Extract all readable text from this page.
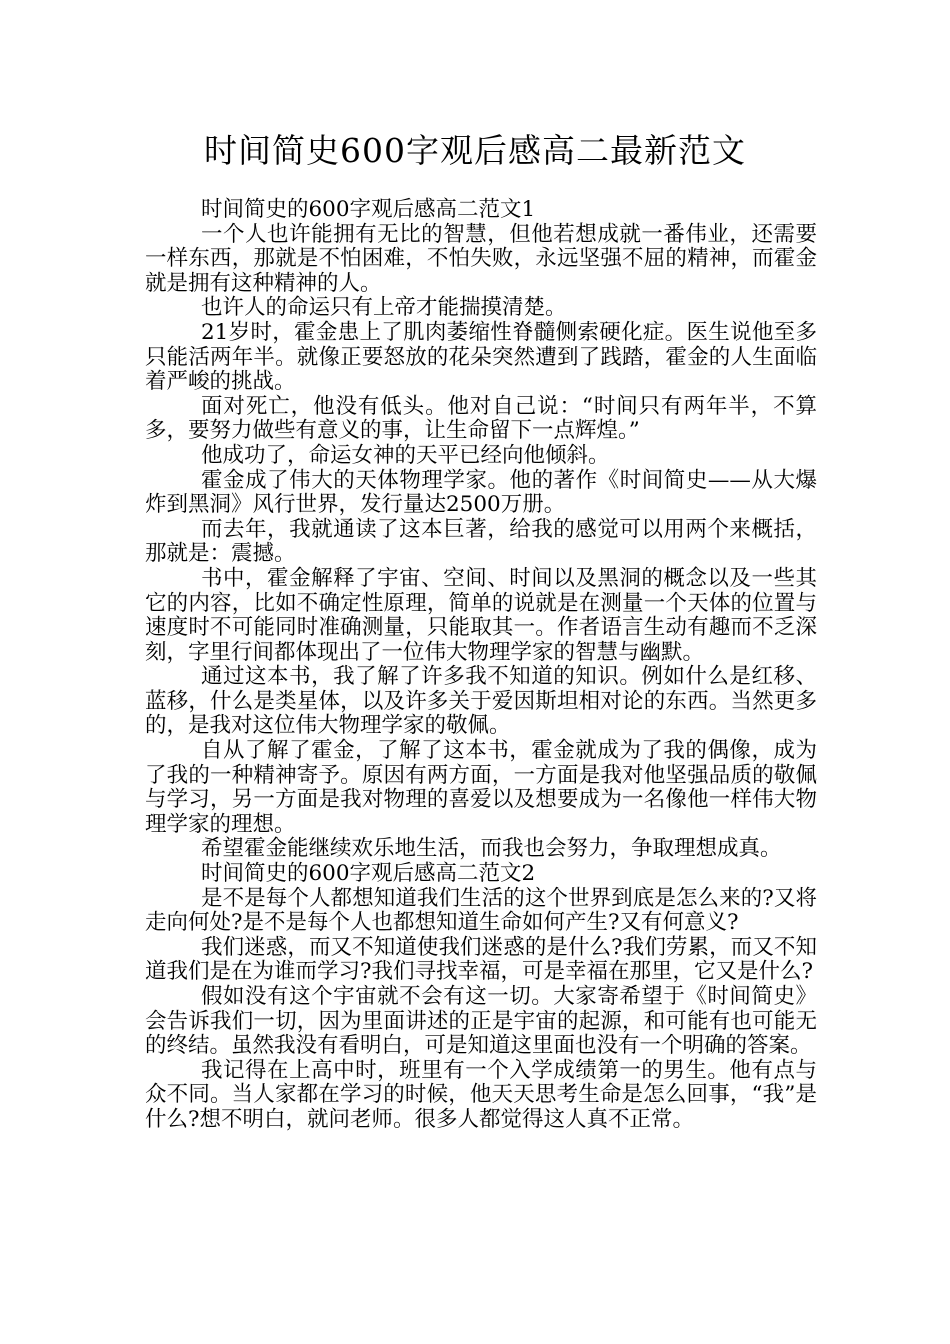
时间简史600字观后感高二最新范文

时间简史的600字观后感高二范文1

一个人也许能拥有无比的智慧，但他若想成就一番伟业，还需要一样东西，那就是不怕困难，不怕失败，永远坚强不屈的精神，而霍金就是拥有这种精神的人。

也许人的命运只有上帝才能揣摸清楚。

21岁时，霍金患上了肌肉萎缩性脊髓侧索硬化症。医生说他至多只能活两年半。就像正要怒放的花朵突然遭到了践踏，霍金的人生面临着严峻的挑战。

面对死亡，他没有低头。他对自己说：“时间只有两年半，不算多，要努力做些有意义的事，让生命留下一点辉煌。”

他成功了，命运女神的天平已经向他倾斜。

霍金成了伟大的天体物理学家。他的著作《时间简史——从大爆炸到黑洞》风行世界，发行量达2500万册。

而去年，我就通读了这本巨著，给我的感觉可以用两个来概括，那就是：震撼。

书中，霍金解释了宇宙、空间、时间以及黑洞的概念以及一些其它的内容，比如不确定性原理，简单的说就是在测量一个天体的位置与速度时不可能同时准确测量，只能取其一。作者语言生动有趣而不乏深刻，字里行间都体现出了一位伟大物理学家的智慧与幽默。

通过这本书，我了解了许多我不知道的知识。例如什么是红移、蓝移，什么是类星体，以及许多关于爱因斯坦相对论的东西。当然更多的，是我对这位伟大物理学家的敬佩。

自从了解了霍金，了解了这本书，霍金就成为了我的偶像，成为了我的一种精神寄予。原因有两方面，一方面是我对他坚强品质的敬佩与学习，另一方面是我对物理的喜爱以及想要成为一名像他一样伟大物理学家的理想。

希望霍金能继续欢乐地生活，而我也会努力，争取理想成真。

时间简史的600字观后感高二范文2

是不是每个人都想知道我们生活的这个世界到底是怎么来的?又将走向何处?是不是每个人也都想知道生命如何产生?又有何意义?

我们迷惑，而又不知道使我们迷惑的是什么?我们劳累，而又不知道我们是在为谁而学习?我们寻找幸福，可是幸福在那里，它又是什么?

假如没有这个宇宙就不会有这一切。大家寄希望于《时间简史》会告诉我们一切，因为里面讲述的正是宇宙的起源，和可能有也可能无的终结。虽然我没有看明白，可是知道这里面也没有一个明确的答案。

我记得在上高中时，班里有一个入学成绩第一的男生。他有点与众不同。当人家都在学习的时候，他天天思考生命是怎么回事，“我”是什么?想不明白，就问老师。很多人都觉得这人真不正常。
